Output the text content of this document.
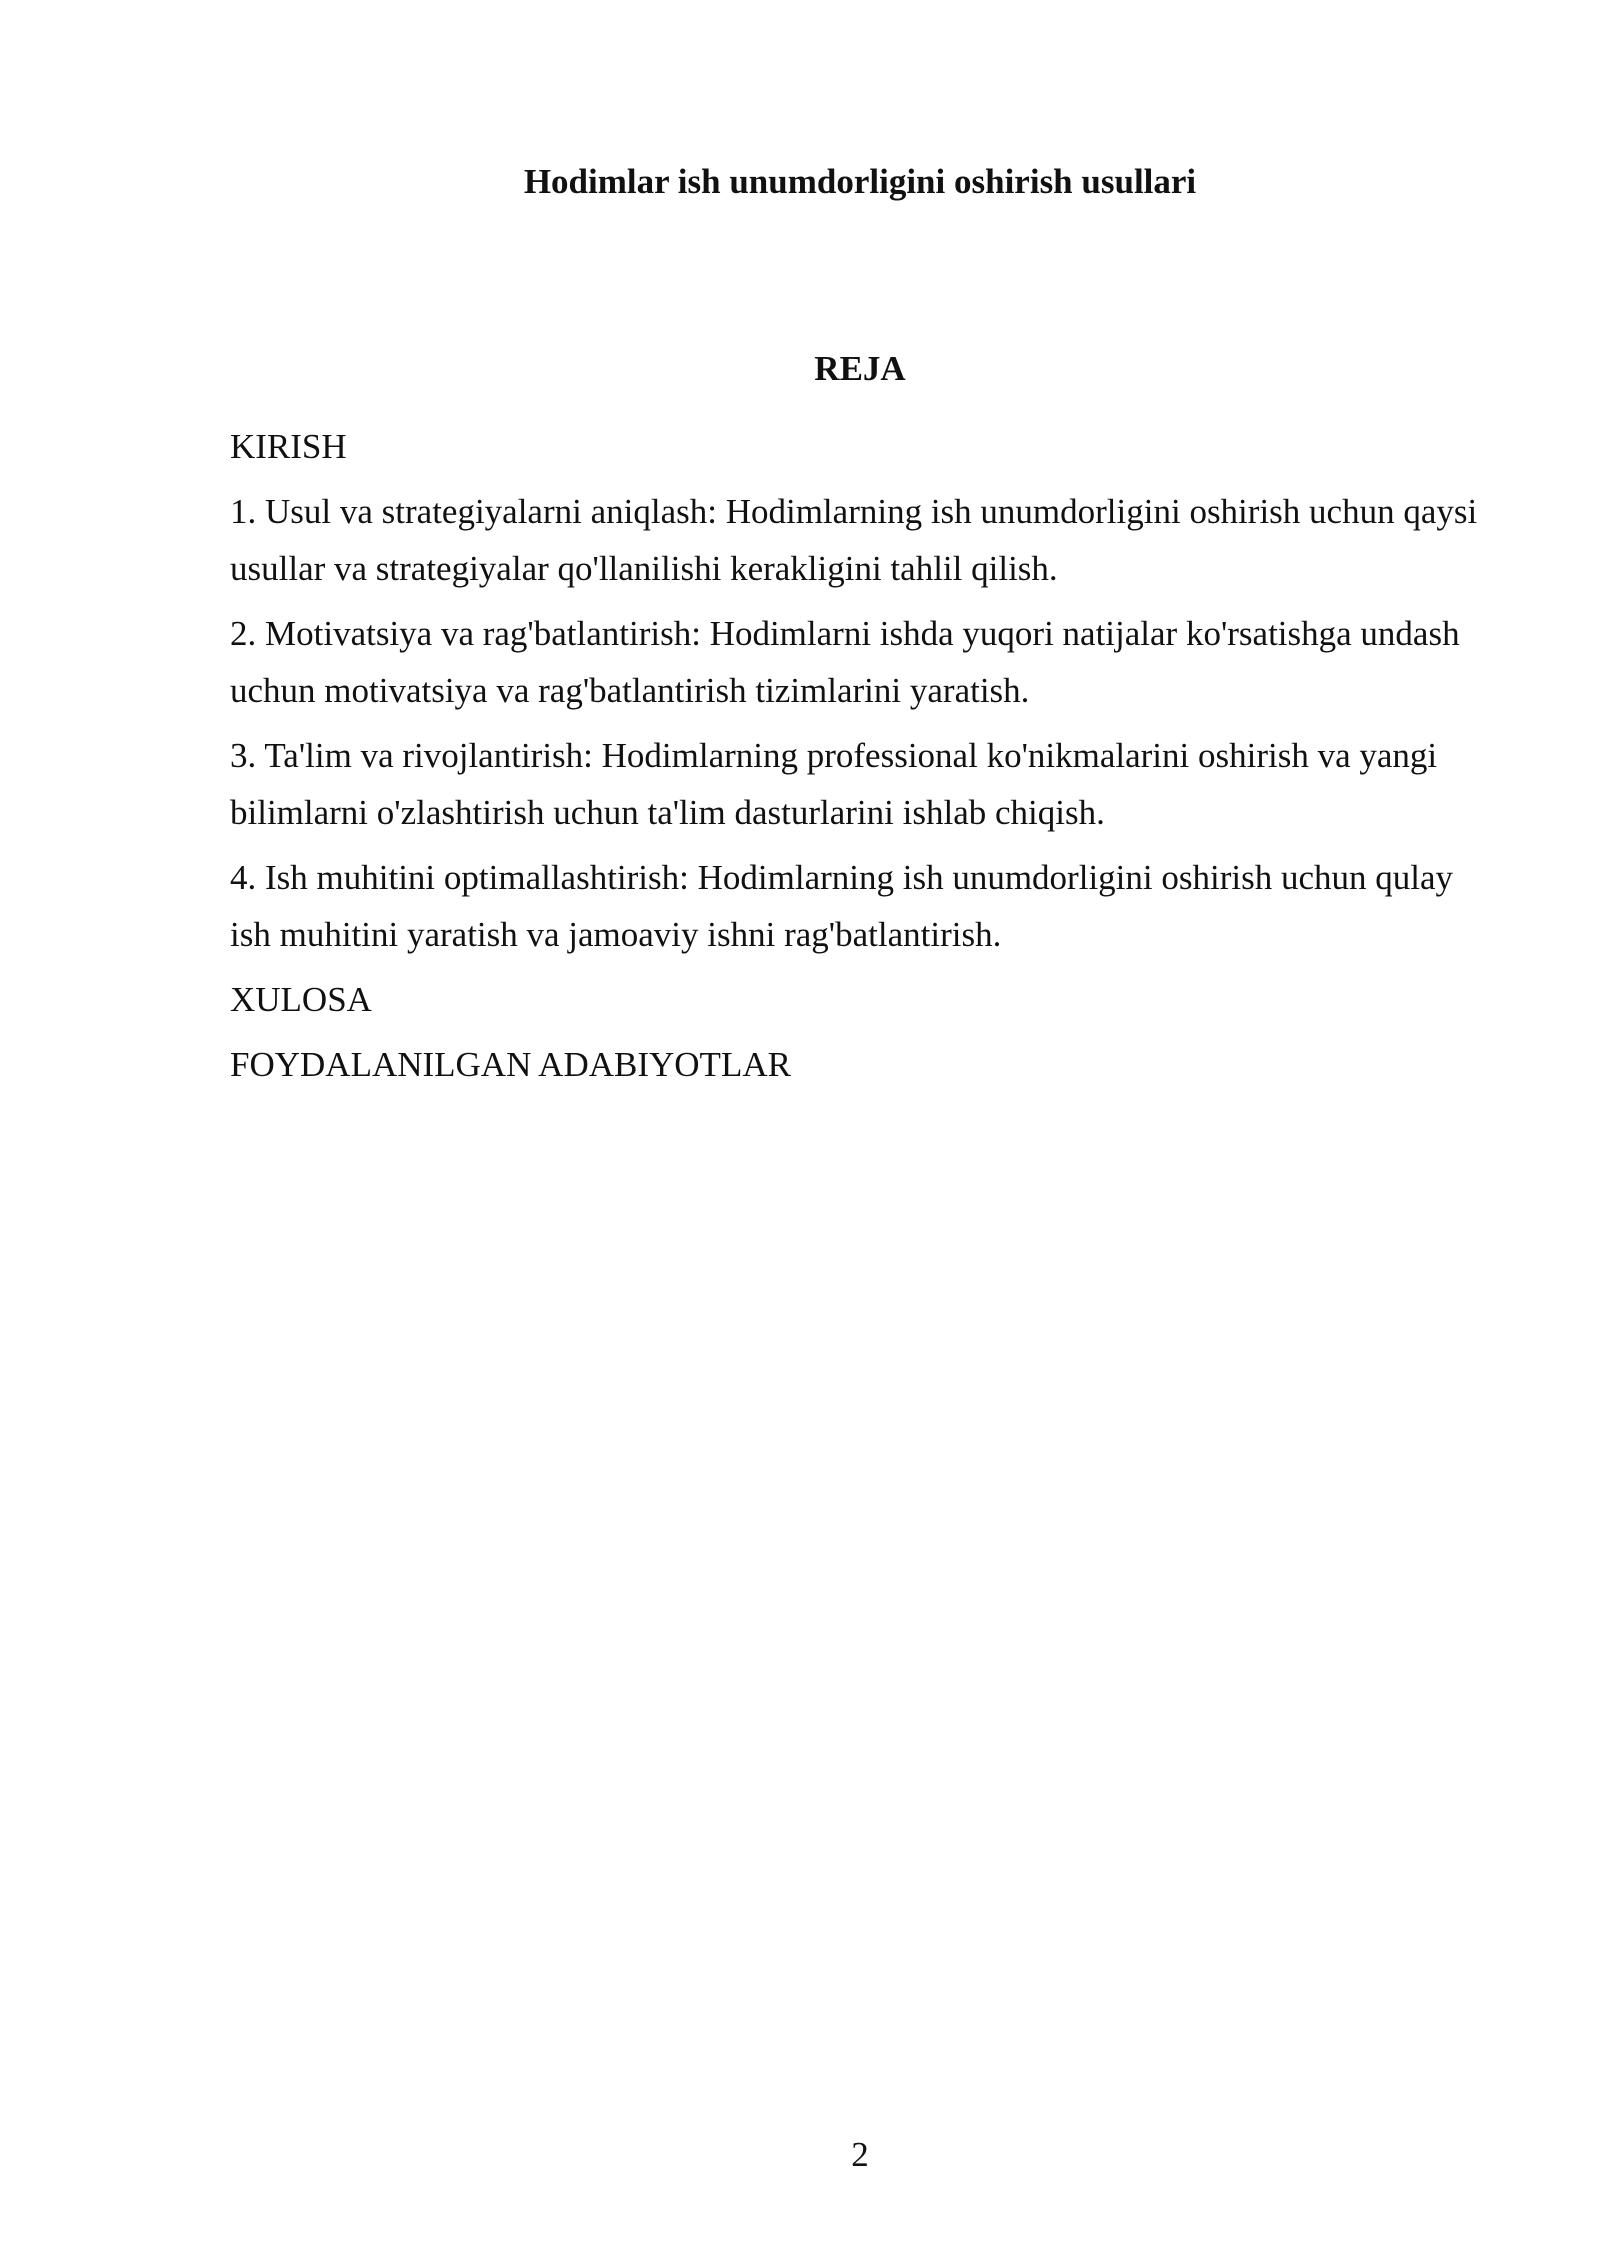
Hodimlar ish unumdorligini oshirish usullari
REJA

KIRISH

1. Usul va strategiyalarni aniqlash: Hodimlarning ish unumdorligini oshirish uchun qaysi usullar va strategiyalar qo'llanilishi kerakligini tahlil qilish.

2. Motivatsiya va rag'batlantirish: Hodimlarni ishda yuqori natijalar ko'rsatishga undash uchun motivatsiya va rag'batlantirish tizimlarini yaratish.

3. Ta'lim va rivojlantirish: Hodimlarning professional ko'nikmalarini oshirish va yangi bilimlarni o'zlashtirish uchun ta'lim dasturlarini ishlab chiqish.

4. Ish muhitini optimallashtirish: Hodimlarning ish unumdorligini oshirish uchun qulay ish muhitini yaratish va jamoaviy ishni rag'batlantirish.

XULOSA

FOYDALANILGAN ADABIYOTLAR

2
